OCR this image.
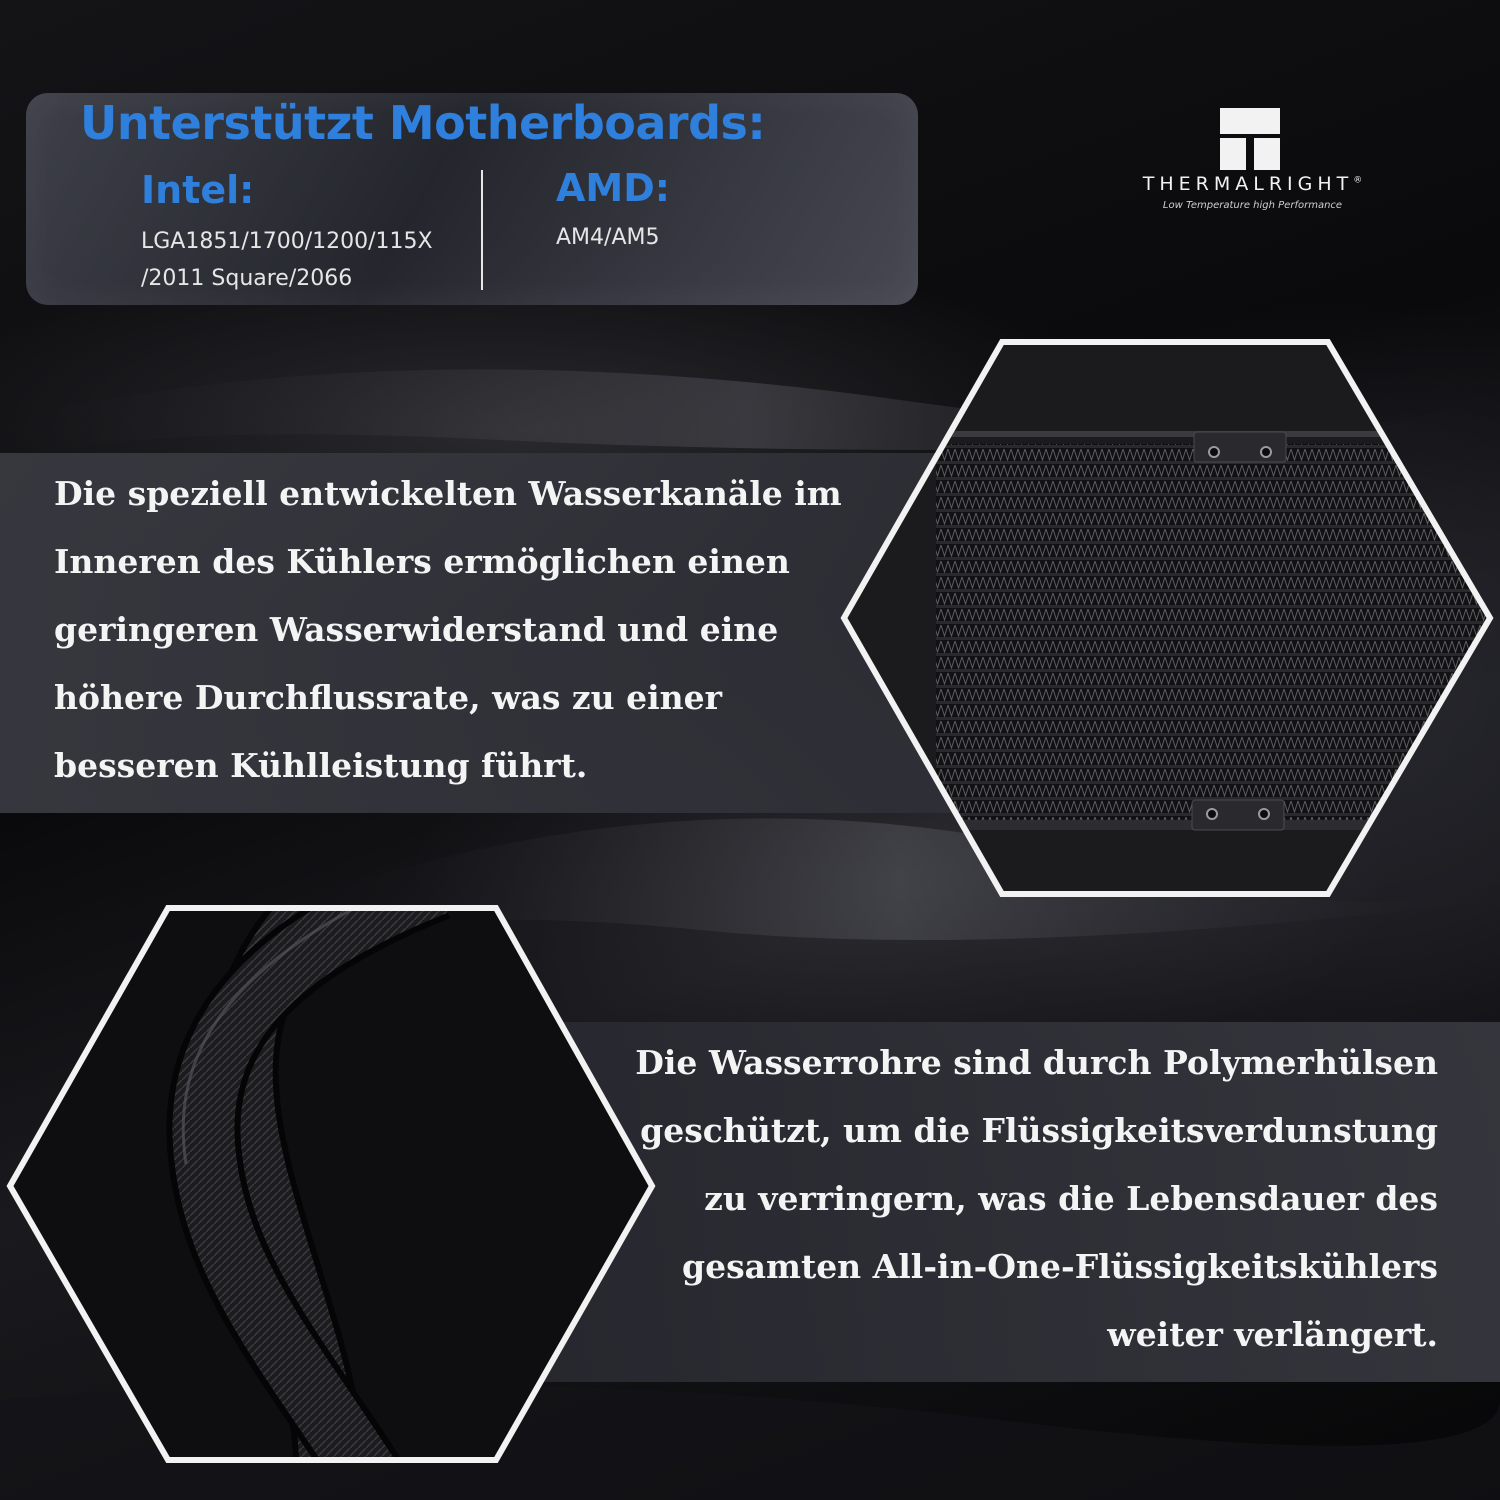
Unterstützt Motherboards:
Intel:
LGA1851/1700/1200/115X
/2011 Square/2066
AMD:
AM4/AM5
THERMALRIGHT®
Low Temperature high Performance
Die speziell entwickelten Wasserkanäle im Inneren des Kühlers ermöglichen einen geringeren Wasserwiderstand und eine höhere Durchflussrate, was zu einer besseren Kühlleistung führt.
Die Wasserrohre sind durch Polymerhülsen geschützt, um die Flüssigkeitsverdunstung zu verringern, was die Lebensdauer des gesamten All-in-One-Flüssigkeitskühlers weiter verlängert.
